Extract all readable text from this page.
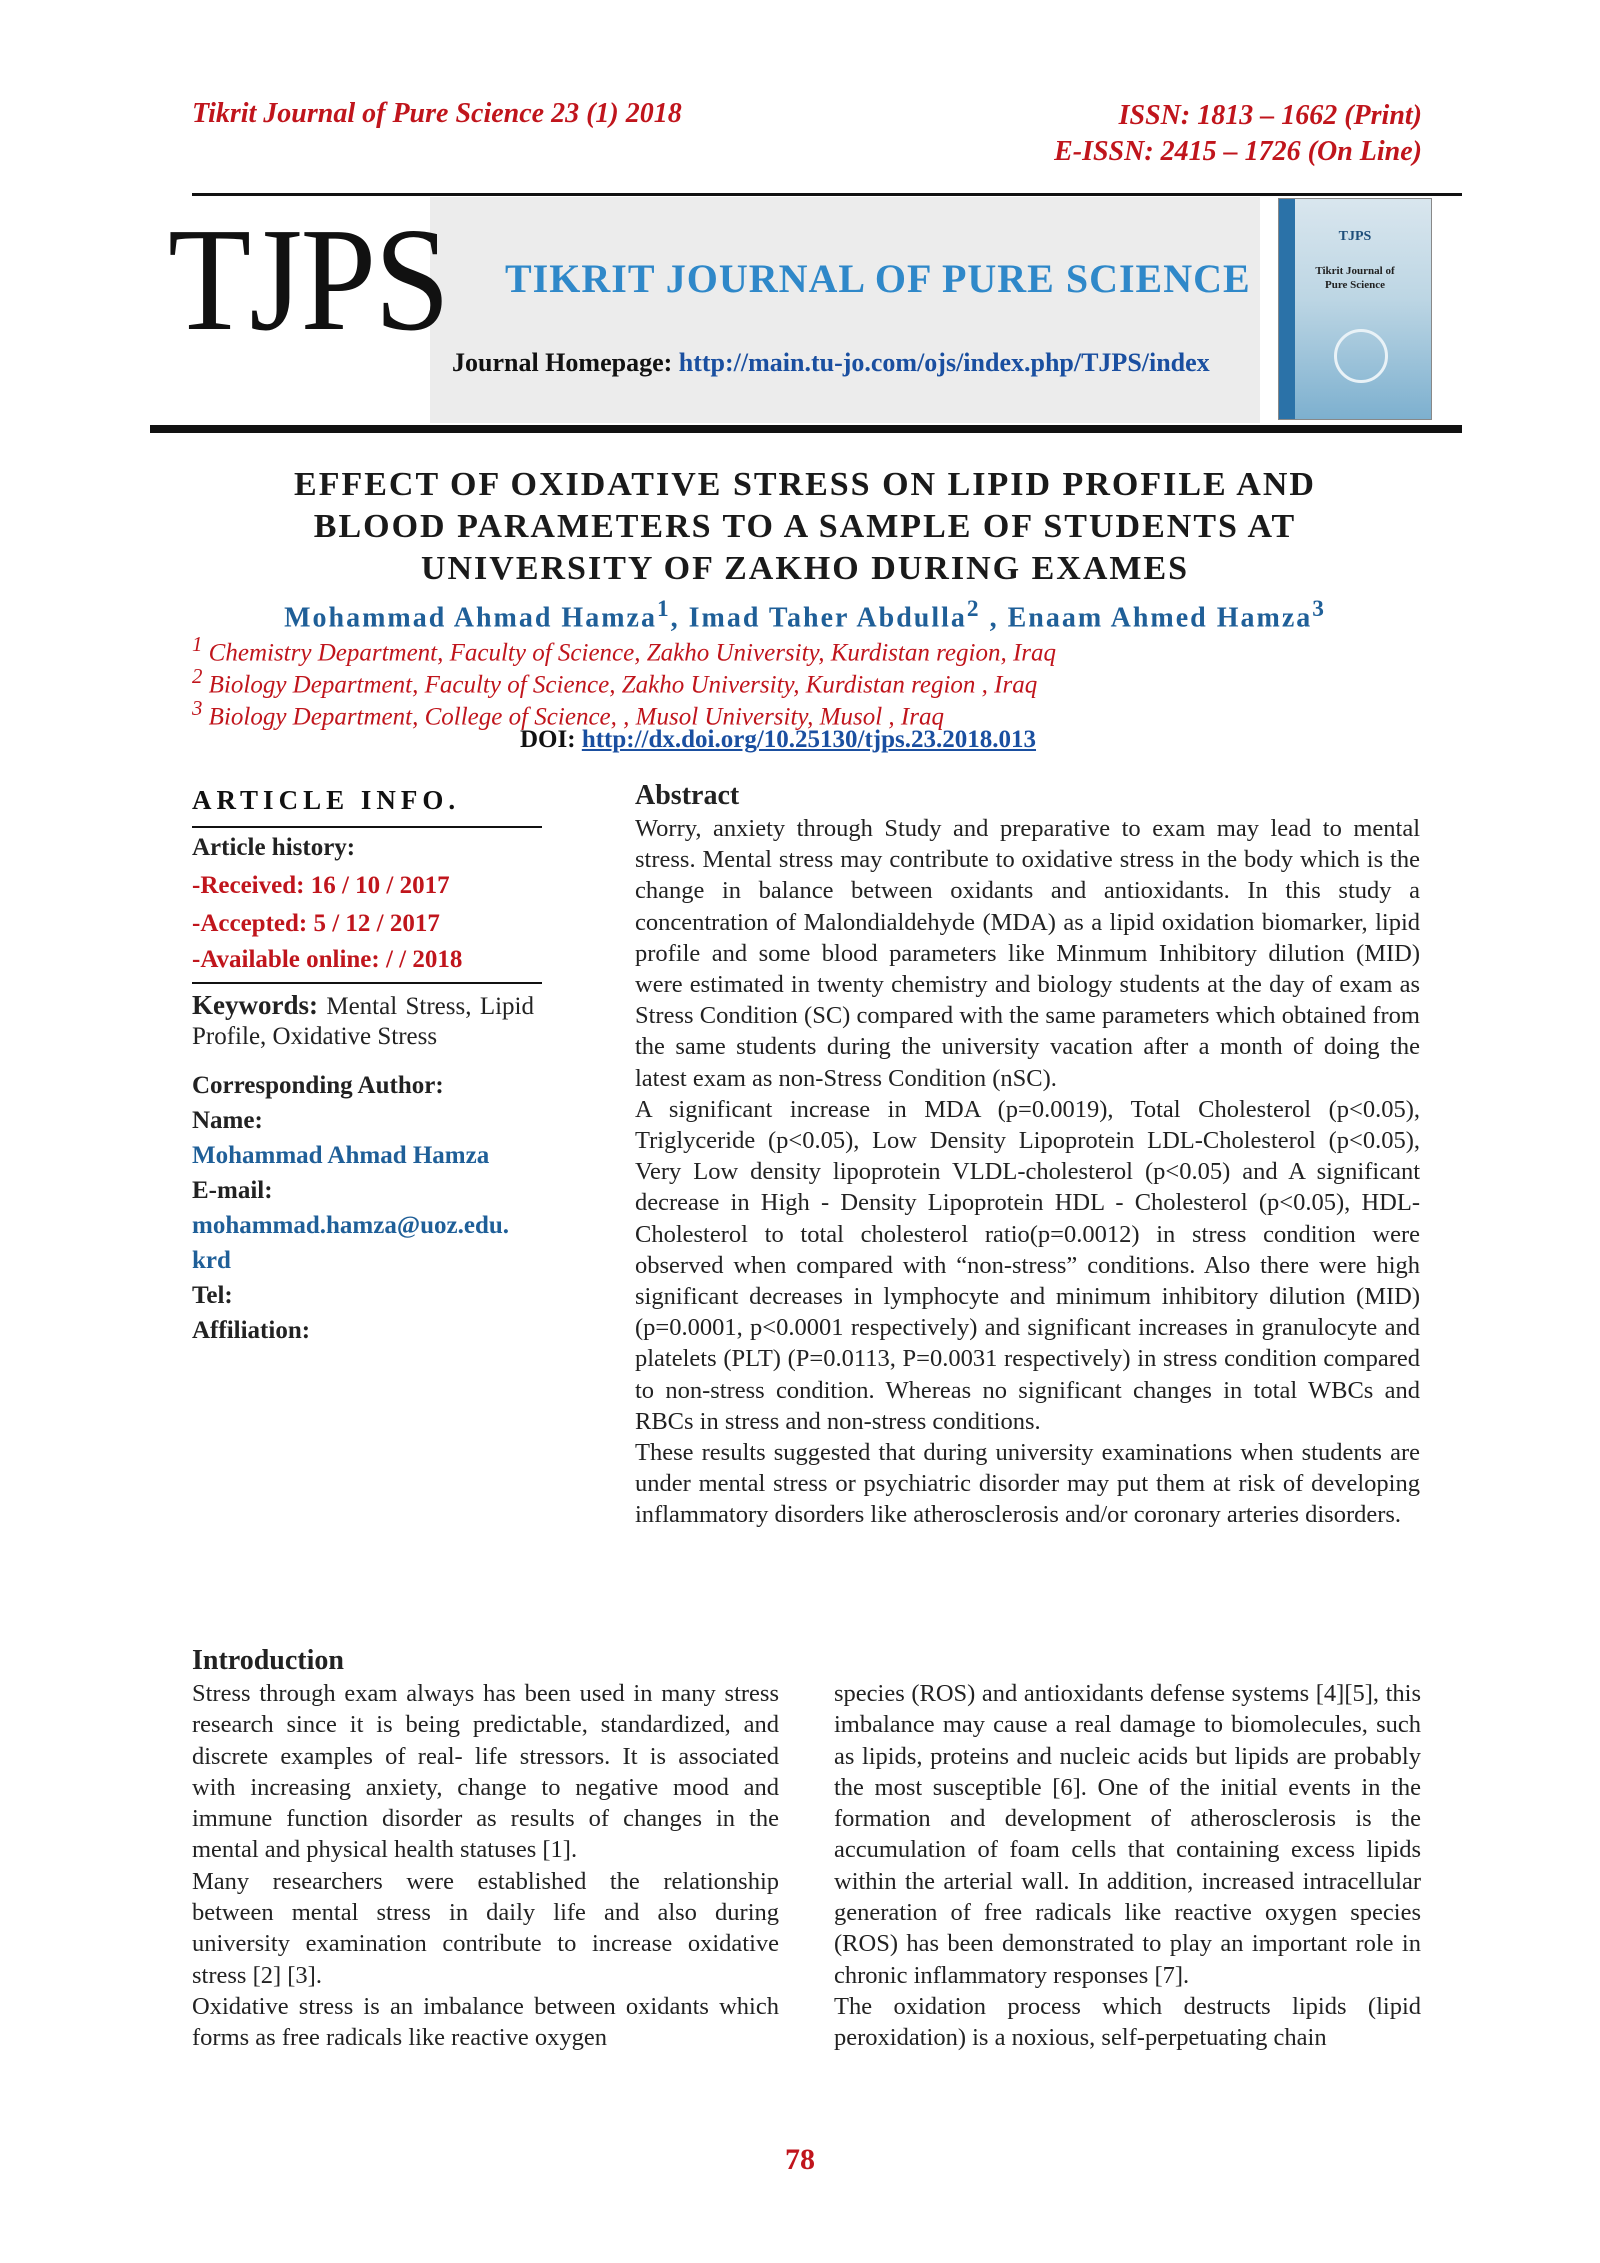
Tikrit Journal of Pure Science 23 (1) 2018	ISSN: 1813 – 1662 (Print)
E-ISSN: 2415 – 1726 (On Line)
TJPS TIKRIT JOURNAL OF PURE SCIENCE
Journal Homepage: http://main.tu-jo.com/ojs/index.php/TJPS/index
TJPS
Tikrit Journal of
Pure Science
EFFECT OF OXIDATIVE STRESS ON LIPID PROFILE AND
BLOOD PARAMETERS TO A SAMPLE OF STUDENTS AT
UNIVERSITY OF ZAKHO DURING EXAMES
Mohammad Ahmad Hamza$^1$, Imad Taher Abdulla$^2$ , Enaam Ahmed Hamza$^3$
$^1$ Chemistry Department, Faculty of Science, Zakho University, Kurdistan region, Iraq
$^2$ Biology Department, Faculty of Science, Zakho University, Kurdistan region , Iraq
$^3$ Biology Department, College of Science, , Musol University, Musol , Iraq
DOI: http://dx.doi.org/10.25130/tjps.23.2018.013
ARTICLE INFO.
Article history:
-Received: 16 / 10 / 2017
-Accepted: 5 / 12 / 2017
-Available online: / / 2018
Keywords: Mental Stress, Lipid Profile, Oxidative Stress
Corresponding Author:
Name:
Mohammad Ahmad Hamza
E-mail:
mohammad.hamza@uoz.edu.
krd
Tel:
Affiliation:
Abstract

Worry, anxiety through Study and preparative to exam may lead to mental stress. Mental stress may contribute to oxidative stress in the body which is the change in balance between oxidants and antioxidants. In this study a concentration of Malondialdehyde (MDA) as a lipid oxidation biomarker, lipid profile and some blood parameters like Minmum Inhibitory dilution (MID) were estimated in twenty chemistry and biology students at the day of exam as Stress Condition (SC) compared with the same parameters which obtained from the same students during the university vacation after a month of doing the latest exam as non-Stress Condition (nSC).

A significant increase in MDA (p=0.0019), Total Cholesterol (p<0.05), Triglyceride (p<0.05), Low Density Lipoprotein LDL-Cholesterol (p<0.05), Very Low density lipoprotein VLDL-cholesterol (p<0.05) and A significant decrease in High - Density Lipoprotein HDL - Cholesterol (p<0.05), HDL-Cholesterol to total cholesterol ratio(p=0.0012) in stress condition were observed when compared with “non-stress” conditions. Also there were high significant decreases in lymphocyte and minimum inhibitory dilution (MID) (p=0.0001, p<0.0001 respectively) and significant increases in granulocyte and platelets (PLT) (P=0.0113, P=0.0031 respectively) in stress condition compared to non-stress condition. Whereas no significant changes in total WBCs and RBCs in stress and non-stress conditions.

These results suggested that during university examinations when students are under mental stress or psychiatric disorder may put them at risk of developing inflammatory disorders like atherosclerosis and/or coronary arteries disorders.

Introduction

Stress through exam always has been used in many stress research since it is being predictable, standardized, and discrete examples of real- life stressors. It is associated with increasing anxiety, change to negative mood and immune function disorder as results of changes in the mental and physical health statuses [1].

Many researchers were established the relationship between mental stress in daily life and also during university examination contribute to increase oxidative stress [2] [3].

Oxidative stress is an imbalance between oxidants which forms as free radicals like reactive oxygen

species (ROS) and antioxidants defense systems [4][5], this imbalance may cause a real damage to biomolecules, such as lipids, proteins and nucleic acids but lipids are probably the most susceptible [6]. One of the initial events in the formation and development of atherosclerosis is the accumulation of foam cells that containing excess lipids within the arterial wall. In addition, increased intracellular generation of free radicals like reactive oxygen species (ROS) has been demonstrated to play an important role in chronic inflammatory responses [7].

The oxidation process which destructs lipids (lipid peroxidation) is a noxious, self-perpetuating chain

78
